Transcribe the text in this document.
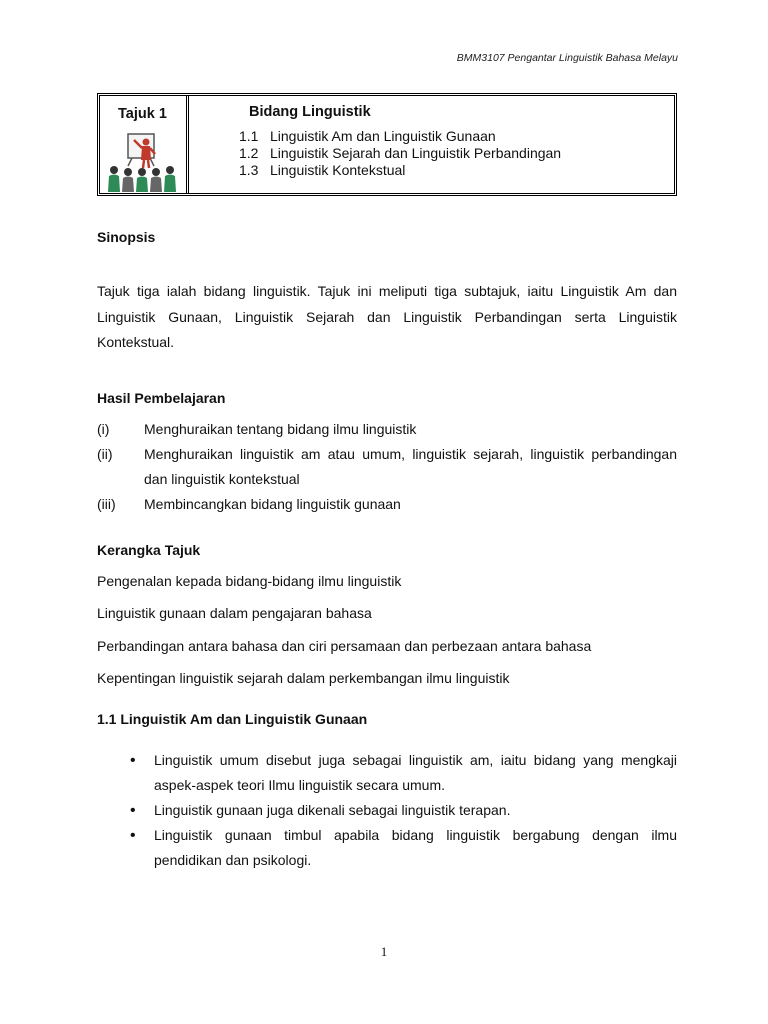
BMM3107 Pengantar Linguistik Bahasa Melayu
Tajuk 1	Bidang Linguistik
1.1 Linguistik Am dan Linguistik Gunaan
1.2 Linguistik Sejarah dan Linguistik Perbandingan
1.3 Linguistik Kontekstual
Sinopsis
Tajuk tiga ialah bidang linguistik. Tajuk ini meliputi tiga subtajuk, iaitu Linguistik Am dan Linguistik Gunaan, Linguistik Sejarah dan Linguistik Perbandingan serta Linguistik Kontekstual.
Hasil Pembelajaran
(i)	Menghuraikan tentang bidang ilmu linguistik
(ii)	Menghuraikan linguistik am atau umum, linguistik sejarah, linguistik perbandingan dan linguistik kontekstual
(iii)	Membincangkan bidang linguistik gunaan
Kerangka Tajuk
Pengenalan kepada bidang-bidang ilmu linguistik
Linguistik gunaan dalam pengajaran bahasa
Perbandingan antara bahasa dan ciri persamaan dan perbezaan antara bahasa
Kepentingan linguistik sejarah dalam perkembangan ilmu linguistik
1.1 Linguistik Am dan Linguistik Gunaan
•	Linguistik umum disebut juga sebagai linguistik am, iaitu bidang yang mengkaji aspek-aspek teori Ilmu linguistik secara umum.
•	Linguistik gunaan juga dikenali sebagai linguistik terapan.
•	Linguistik gunaan timbul apabila bidang linguistik bergabung dengan ilmu pendidikan dan psikologi.
1
